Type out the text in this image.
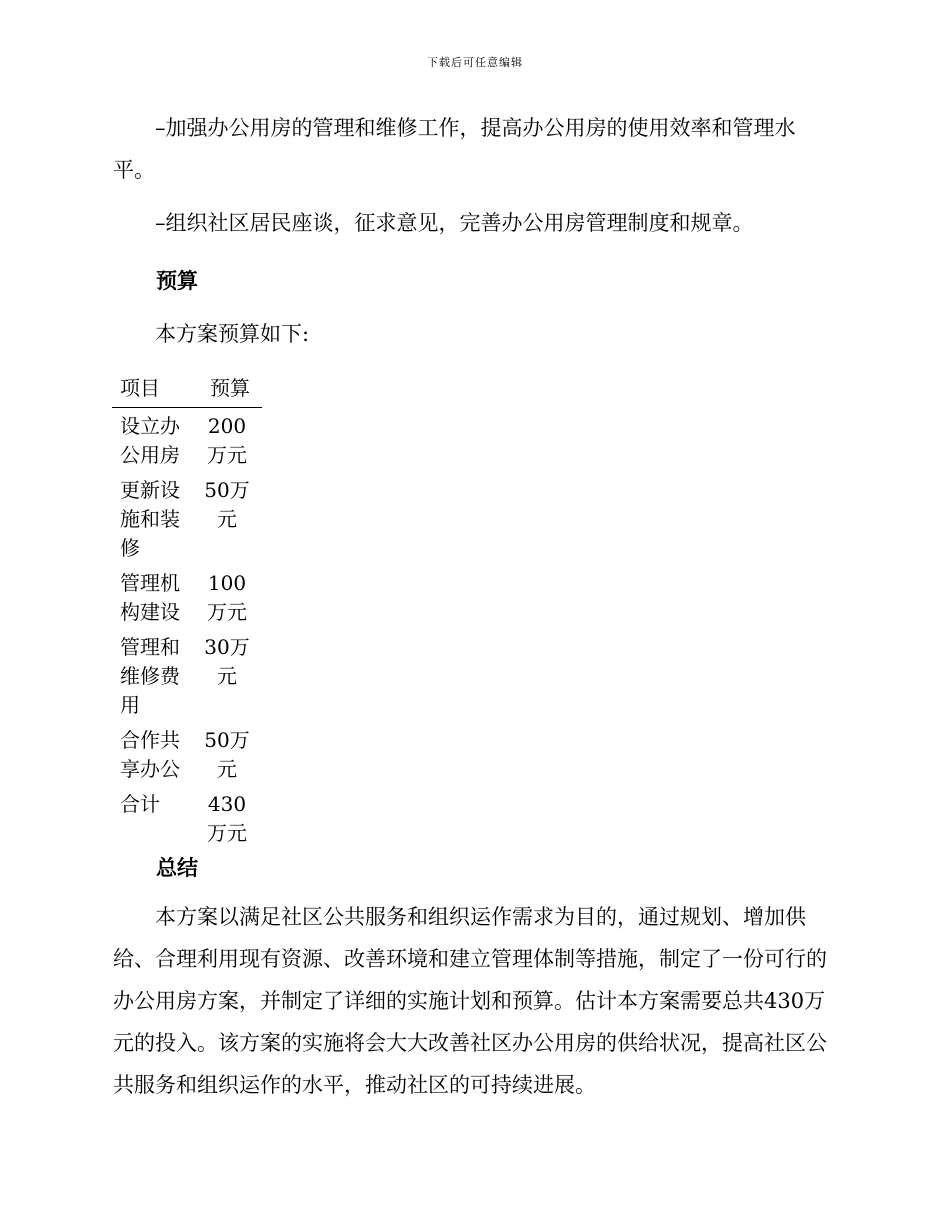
下载后可任意编辑

–加强办公用房的管理和维修工作，提高办公用房的使用效率和管理水平。

–组织社区居民座谈，征求意见，完善办公用房管理制度和规章。

预算

本方案预算如下:

项目	预算
设立办公用房	200万元
更新设施和装修	50万元
管理机构建设	100万元
管理和维修费用	30万元
合作共享办公	50万元
合计	430万元
总结

本方案以满足社区公共服务和组织运作需求为目的，通过规划、增加供给、合理利用现有资源、改善环境和建立管理体制等措施，制定了一份可行的办公用房方案，并制定了详细的实施计划和预算。估计本方案需要总共430万元的投入。该方案的实施将会大大改善社区办公用房的供给状况，提高社区公共服务和组织运作的水平，推动社区的可持续进展。
